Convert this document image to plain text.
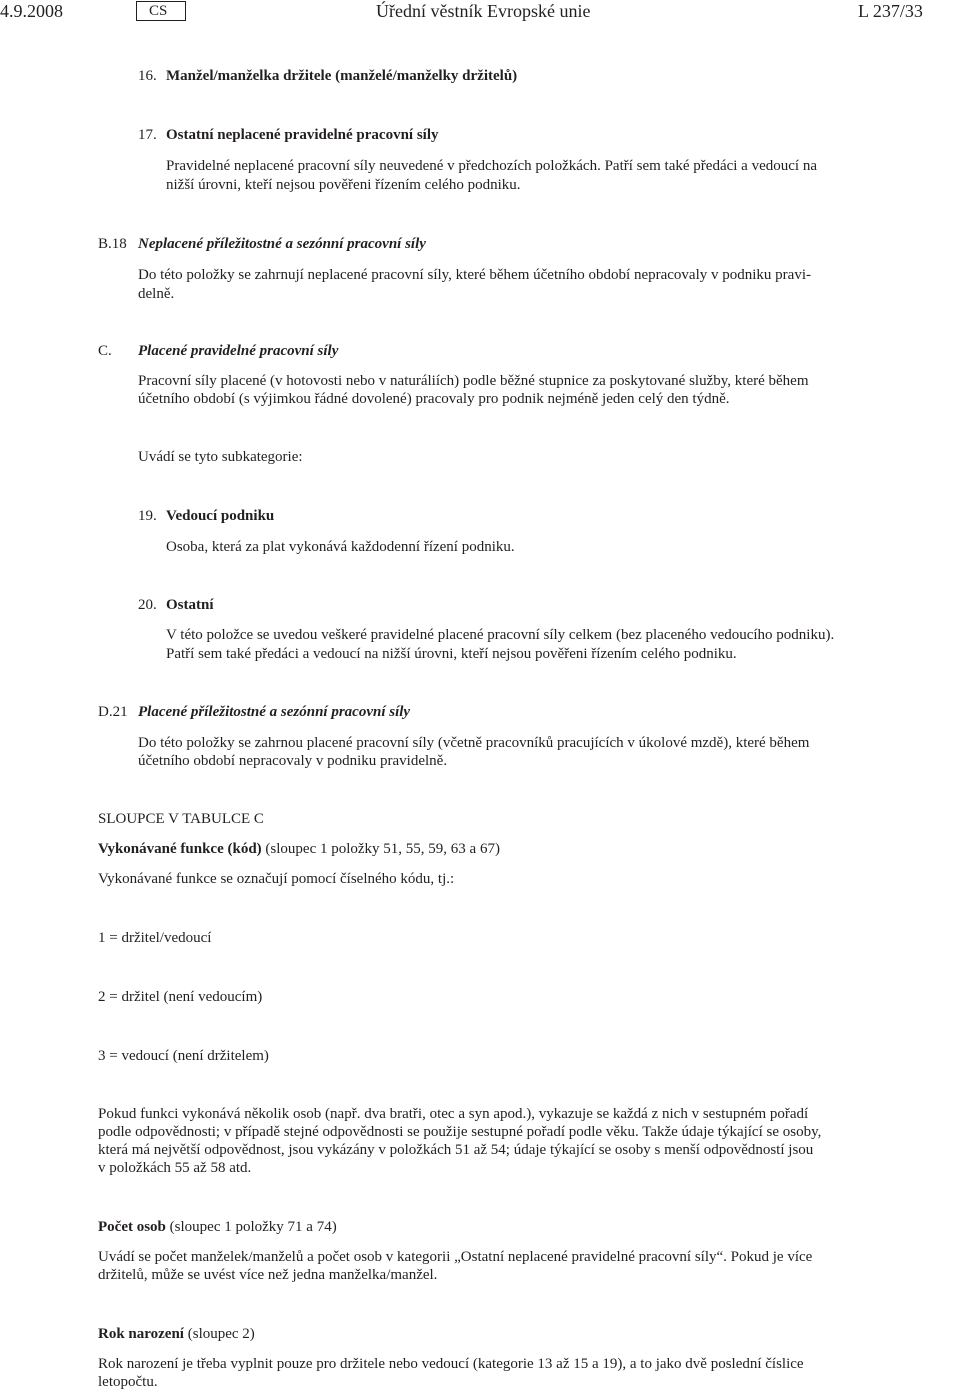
4.9.2008	CS	Úřední věstník Evropské unie	L 237/33
16. Manžel/manželka držitele (manželé/manželky držitelů)
17. Ostatní neplacené pravidelné pracovní síly
Pravidelné neplacené pracovní síly neuvedené v předchozích položkách. Patří sem také předáci a vedoucí na
nižší úrovni, kteří nejsou pověřeni řízením celého podniku.
B.18 Neplacené příležitostné a sezónní pracovní síly
Do této položky se zahrnují neplacené pracovní síly, které během účetního období nepracovaly v podniku pravi-
delně.
C. Placené pravidelné pracovní síly
Pracovní síly placené (v hotovosti nebo v naturáliích) podle běžné stupnice za poskytované služby, které během
účetního období (s výjimkou řádné dovolené) pracovaly pro podnik nejméně jeden celý den týdně.
Uvádí se tyto subkategorie:
19. Vedoucí podniku
Osoba, která za plat vykonává každodenní řízení podniku.
20. Ostatní
V této položce se uvedou veškeré pravidelné placené pracovní síly celkem (bez placeného vedoucího podniku).
Patří sem také předáci a vedoucí na nižší úrovni, kteří nejsou pověřeni řízením celého podniku.
D.21 Placené příležitostné a sezónní pracovní síly
Do této položky se zahrnou placené pracovní síly (včetně pracovníků pracujících v úkolové mzdě), které během
účetního období nepracovaly v podniku pravidelně.
SLOUPCE V TABULCE C
Vykonávané funkce (kód) (sloupec 1 položky 51, 55, 59, 63 a 67)
Vykonávané funkce se označují pomocí číselného kódu, tj.:
1 = držitel/vedoucí
2 = držitel (není vedoucím)
3 = vedoucí (není držitelem)
Pokud funkci vykonává několik osob (např. dva bratři, otec a syn apod.), vykazuje se každá z nich v sestupném pořadí
podle odpovědnosti; v případě stejné odpovědnosti se použije sestupné pořadí podle věku. Takže údaje týkající se osoby,
která má největší odpovědnost, jsou vykázány v položkách 51 až 54; údaje týkající se osoby s menší odpovědností jsou
v položkách 55 až 58 atd.
Počet osob (sloupec 1 položky 71 a 74)
Uvádí se počet manželek/manželů a počet osob v kategorii „Ostatní neplacené pravidelné pracovní síly“. Pokud je více
držitelů, může se uvést více než jedna manželka/manžel.
Rok narození (sloupec 2)
Rok narození je třeba vyplnit pouze pro držitele nebo vedoucí (kategorie 13 až 15 a 19), a to jako dvě poslední číslice
letopočtu.
